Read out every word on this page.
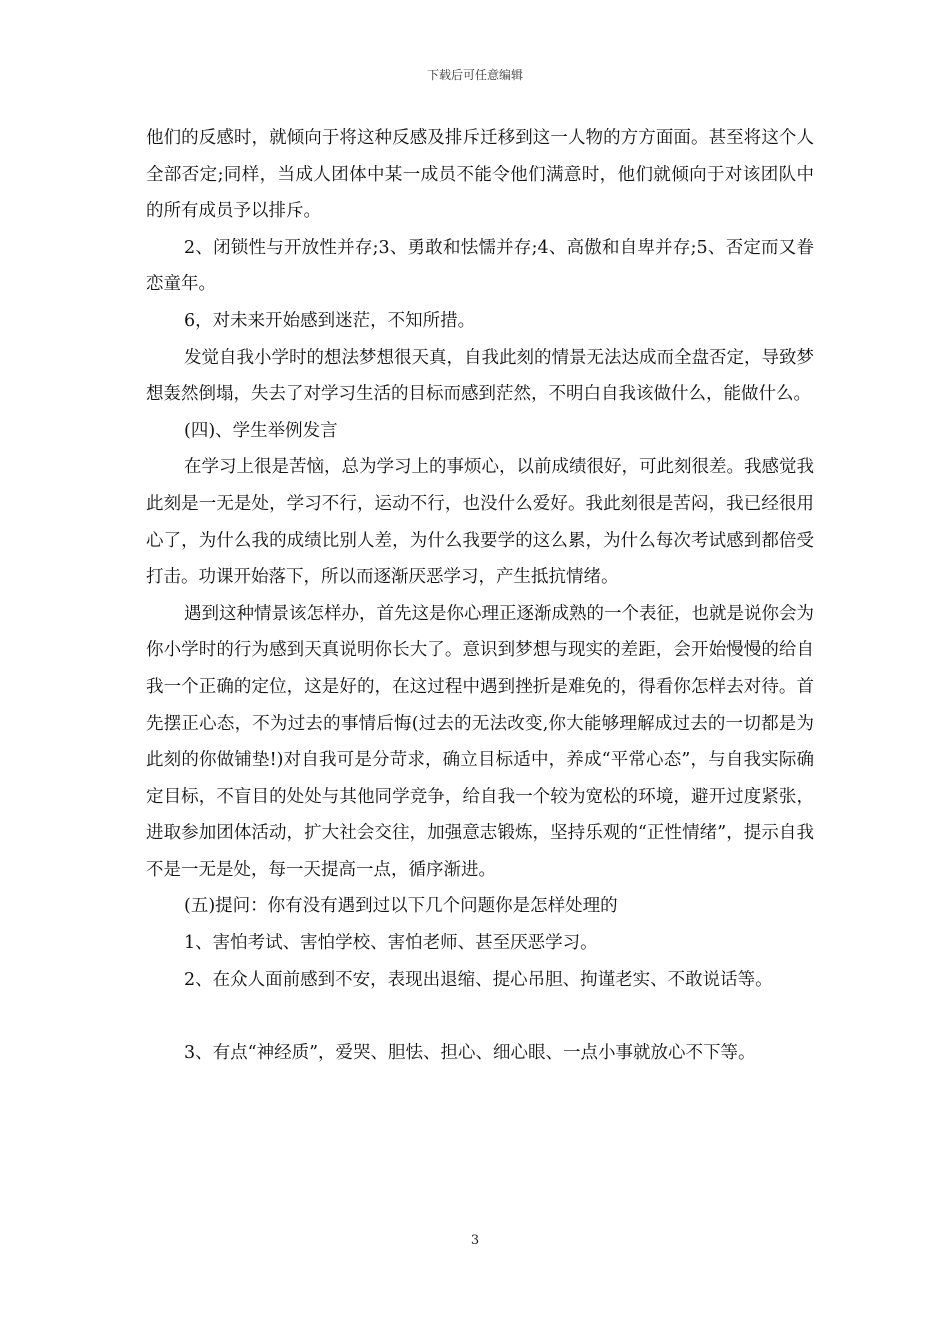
下载后可任意编辑

他们的反感时，就倾向于将这种反感及排斥迁移到这一人物的方方面面。甚至将这个人全部否定;同样，当成人团体中某一成员不能令他们满意时，他们就倾向于对该团队中的所有成员予以排斥。

2、闭锁性与开放性并存;3、勇敢和怯懦并存;4、高傲和自卑并存;5、否定而又眷恋童年。

6，对未来开始感到迷茫，不知所措。

发觉自我小学时的想法梦想很天真，自我此刻的情景无法达成而全盘否定，导致梦想轰然倒塌，失去了对学习生活的目标而感到茫然，不明白自我该做什么，能做什么。

(四)、学生举例发言

在学习上很是苦恼，总为学习上的事烦心，以前成绩很好，可此刻很差。我感觉我此刻是一无是处，学习不行，运动不行，也没什么爱好。我此刻很是苦闷，我已经很用心了，为什么我的成绩比别人差，为什么我要学的这么累，为什么每次考试感到都倍受打击。功课开始落下，所以而逐渐厌恶学习，产生抵抗情绪。

遇到这种情景该怎样办，首先这是你心理正逐渐成熟的一个表征，也就是说你会为你小学时的行为感到天真说明你长大了。意识到梦想与现实的差距，会开始慢慢的给自我一个正确的定位，这是好的，在这过程中遇到挫折是难免的，得看你怎样去对待。首先摆正心态，不为过去的事情后悔(过去的无法改变,你大能够理解成过去的一切都是为此刻的你做铺垫!)对自我可是分苛求，确立目标适中，养成“平常心态”，与自我实际确定目标，不盲目的处处与其他同学竞争，给自我一个较为宽松的环境，避开过度紧张，进取参加团体活动，扩大社会交往，加强意志锻炼，坚持乐观的“正性情绪”，提示自我不是一无是处，每一天提高一点，循序渐进。

(五)提问：你有没有遇到过以下几个问题你是怎样处理的

1、害怕考试、害怕学校、害怕老师、甚至厌恶学习。

2、在众人面前感到不安，表现出退缩、提心吊胆、拘谨老实、不敢说话等。

3、有点“神经质”，爱哭、胆怯、担心、细心眼、一点小事就放心不下等。

3
